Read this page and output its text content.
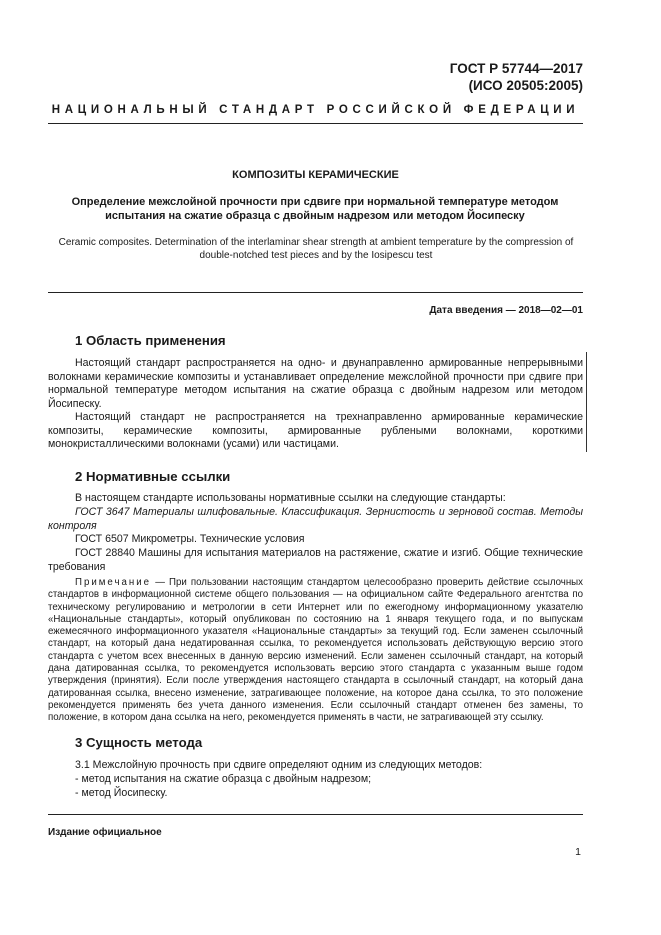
ГОСТ Р 57744—2017
(ИСО 20505:2005)
НАЦИОНАЛЬНЫЙ СТАНДАРТ РОССИЙСКОЙ ФЕДЕРАЦИИ
КОМПОЗИТЫ КЕРАМИЧЕСКИЕ
Определение межслойной прочности при сдвиге при нормальной температуре методом испытания на сжатие образца с двойным надрезом или методом Йосипеску
Ceramic composites. Determination of the interlaminar shear strength at ambient temperature by the compression of double-notched test pieces and by the Iosipescu test
Дата введения — 2018—02—01
1 Область применения
Настоящий стандарт распространяется на одно- и двунаправленно армированные непрерывными волокнами керамические композиты и устанавливает определение межслойной прочности при сдвиге при нормальной температуре методом испытания на сжатие образца с двойным надрезом или методом Йосипеску.
Настоящий стандарт не распространяется на трехнаправленно армированные керамические композиты, керамические композиты, армированные рублеными волокнами, короткими монокристаллическими волокнами (усами) или частицами.
2 Нормативные ссылки
В настоящем стандарте использованы нормативные ссылки на следующие стандарты:
ГОСТ 3647 Материалы шлифовальные. Классификация. Зернистость и зерновой состав. Методы контроля
ГОСТ 6507 Микрометры. Технические условия
ГОСТ 28840 Машины для испытания материалов на растяжение, сжатие и изгиб. Общие технические требования
Примечание — При пользовании настоящим стандартом целесообразно проверить действие ссылочных стандартов в информационной системе общего пользования — на официальном сайте Федерального агентства по техническому регулированию и метрологии в сети Интернет или по ежегодному информационному указателю «Национальные стандарты», который опубликован по состоянию на 1 января текущего года, и по выпускам ежемесячного информационного указателя «Национальные стандарты» за текущий год. Если заменен ссылочный стандарт, на который дана недатированная ссылка, то рекомендуется использовать действующую версию этого стандарта с учетом всех внесенных в данную версию изменений. Если заменен ссылочный стандарт, на который дана датированная ссылка, то рекомендуется использовать версию этого стандарта с указанным выше годом утверждения (принятия). Если после утверждения настоящего стандарта в ссылочный стандарт, на который дана датированная ссылка, внесено изменение, затрагивающее положение, на которое дана ссылка, то это положение рекомендуется применять без учета данного изменения. Если ссылочный стандарт отменен без замены, то положение, в котором дана ссылка на него, рекомендуется применять в части, не затрагивающей эту ссылку.
3 Сущность метода
3.1 Межслойную прочность при сдвиге определяют одним из следующих методов:
- метод испытания на сжатие образца с двойным надрезом;
- метод Йосипеску.
Издание официальное
1
